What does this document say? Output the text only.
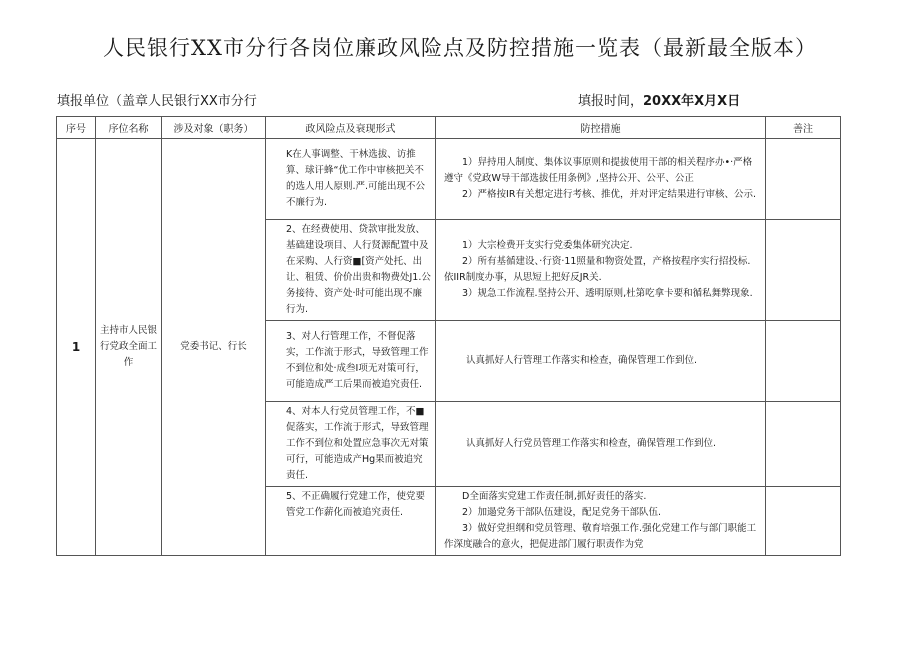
人民银行XX市分行各岗位廉政风险点及防控措施一览表（最新最全版本）
填报单位（盖章人民银行XX市分行	填报时间，20XX年X月X日
序号	序位名称	涉及对象（职务）	政风险点及衰现形式	防控措施	善注
1	主持市人民银行党政全面工作	党委书记、行长	K在人事调整、干林选拔、访推算、球讦蜂“优工作中审核把关不的选人用人原则.严.可能出现不公不廉行为.	1）舁持用人制度、集体议事原则和提拔使用干部的相关程序办•·严格遵守《党政W导干部选拔任用条例》,坚持公开、公平、公正

2）严格按IR有关想定进行考核、推优，并对评定结果进行审核、公示.	

			2、在经费使用、贷款审批发放、基础建设项目、人行贤源配置中及在采购、人行资■[资产处托、出让、租赁、价价出贵和物费处J1.公务接待、资产处·时可能出现不廉行为.	1）大宗检费开支实行党委集体研究决定.

2）所有基循建设、·行资·11照量和物资处置，产格按程序实行招投标.依IIR制度办事，从思短上把好反JR关.

3）规急工作流程.坚持公开、透明原则,杜第吃拿卡要和循私舞弊现象.	

			3、对人行管理工作，不督促落实，工作流于形式，导致管理工作不到位和处·成叁I项无对策可行，可能造成严工后果而被追究责任.	认真抓好人行管理工作落实和检查，确保管理工作到位.	

			4、对本人行党员管理工作，不■促落实，工作流于形式，导致管理工作不到位和处置应急事次无对策可行，可能造成产Hg果而被追究责任.	认真抓好人行党员管理工作落实和检查，确保管理工作到位.	

			5、不正确履行党建工作，使党要管党工作薪化而被追究责任.	D全面落实党建工作责任制,抓好责任的落实.

2）加遢党务干部队伍建设，配足党务干部队伍.

3）做好党担纲和党员管理、敬育培强工作.强化党建工作与部门职能工作深度融合的意火，把促进部门履行职责作为党	
